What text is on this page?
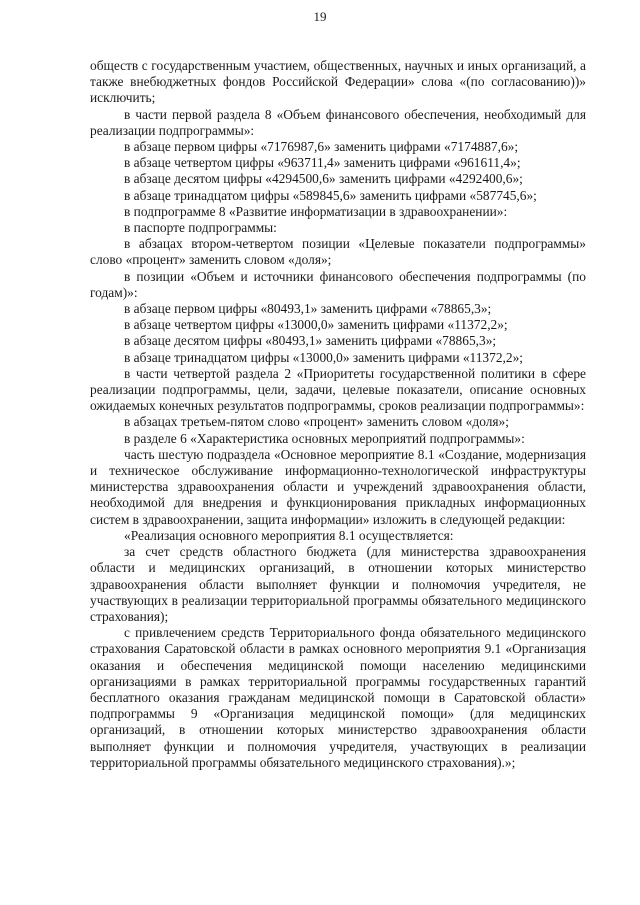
19

обществ с государственным участием, общественных, научных и иных организаций, а также внебюджетных фондов Российской Федерации» слова «(по согласованию))» исключить;

в части первой раздела 8 «Объем финансового обеспечения, необходимый для реализации подпрограммы»:

в абзаце первом цифры «7176987,6» заменить цифрами «7174887,6»;

в абзаце четвертом цифры «963711,4» заменить цифрами «961611,4»;

в абзаце десятом цифры «4294500,6» заменить цифрами «4292400,6»;

в абзаце тринадцатом цифры «589845,6» заменить цифрами «587745,6»;

в подпрограмме 8 «Развитие информатизации в здравоохранении»:

в паспорте подпрограммы:

в абзацах втором-четвертом позиции «Целевые показатели подпрограммы» слово «процент» заменить словом «доля»;

в позиции «Объем и источники финансового обеспечения подпрограммы (по годам)»:

в абзаце первом цифры «80493,1» заменить цифрами «78865,3»;

в абзаце четвертом цифры «13000,0» заменить цифрами «11372,2»;

в абзаце десятом цифры «80493,1» заменить цифрами «78865,3»;

в абзаце тринадцатом цифры «13000,0» заменить цифрами «11372,2»;

в части четвертой раздела 2 «Приоритеты государственной политики в сфере реализации подпрограммы, цели, задачи, целевые показатели, описание основных ожидаемых конечных результатов подпрограммы, сроков реализации подпрограммы»:

в абзацах третьем-пятом слово «процент» заменить словом «доля»;

в разделе 6 «Характеристика основных мероприятий подпрограммы»:

часть шестую подраздела «Основное мероприятие 8.1 «Создание, модернизация и техническое обслуживание информационно-технологической инфраструктуры министерства здравоохранения области и учреждений здравоохранения области, необходимой для внедрения и функционирования прикладных информационных систем в здравоохранении, защита информации» изложить в следующей редакции:

«Реализация основного мероприятия 8.1 осуществляется:

за счет средств областного бюджета (для министерства здравоохранения области и медицинских организаций, в отношении которых министерство здравоохранения области выполняет функции и полномочия учредителя, не участвующих в реализации территориальной программы обязательного медицинского страхования);

с привлечением средств Территориального фонда обязательного медицинского страхования Саратовской области в рамках основного мероприятия 9.1 «Организация оказания и обеспечения медицинской помощи населению медицинскими организациями в рамках территориальной программы государственных гарантий бесплатного оказания гражданам медицинской помощи в Саратовской области» подпрограммы 9 «Организация медицинской помощи» (для медицинских организаций, в отношении которых министерство здравоохранения области выполняет функции и полномочия учредителя, участвующих в реализации территориальной программы обязательного медицинского страхования).»;
